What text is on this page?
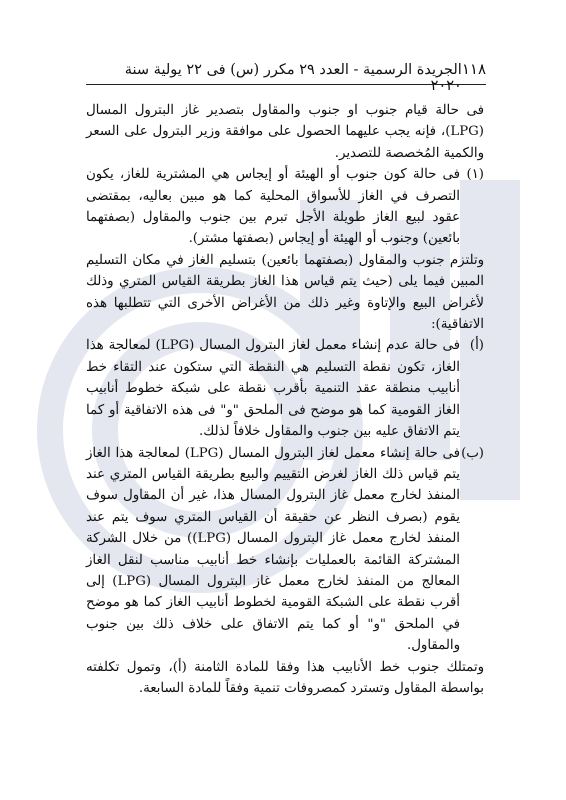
١١٨
الجريدة الرسمية - العدد ٢٩ مكرر (س) فى ٢٢ يولية سنة ٢٠٢٠

فى حالة قيام جنوب او جنوب والمقاول بتصدير غاز البترول المسال (LPG)، فإنه يجب عليهما الحصول على موافقة وزير البترول على السعر والكمية المُخصصة للتصدير.

(١)

فى حالة كون جنوب أو الهيئة أو إيجاس هي المشترية للغاز، يكون التصرف في الغاز للأسواق المحلية كما هو مبين بعاليه، بمقتضى عقود لبيع الغاز طويلة الأجل تبرم بين جنوب والمقاول (بصفتهما بائعين) وجنوب أو الهيئة أو إيجاس (بصفتها مشتر).

وتلتزم جنوب والمقاول (بصفتهما بائعين) بتسليم الغاز في مكان التسليم المبين فيما يلى (حيث يتم قياس هذا الغاز بطريقة القياس المتري وذلك لأغراض البيع والإتاوة وغير ذلك من الأغراض الأخرى التي تتطلبها هذه الاتفاقية):

(أ)

فى حالة عدم إنشاء معمل لغاز البترول المسال (LPG) لمعالجة هذا الغاز، تكون نقطة التسليم هي النقطة التي ستكون عند التقاء خط أنابيب منطقة عقد التنمية بأقرب نقطة على شبكة خطوط أنابيب الغاز القومية كما هو موضح فى الملحق "و" فى هذه الاتفاقية أو كما يتم الاتفاق عليه بين جنوب والمقاول خلافاً لذلك.

(ب)

فى حالة إنشاء معمل لغاز البترول المسال (LPG) لمعالجة هذا الغاز يتم قياس ذلك الغاز لغرض التقييم والبيع بطريقة القياس المتري عند المنفذ لخارج معمل غاز البترول المسال هذا، غير أن المقاول سوف يقوم (بصرف النظر عن حقيقة أن القياس المتري سوف يتم عند المنفذ لخارج معمل غاز البترول المسال (LPG)) من خلال الشركة المشتركة القائمة بالعمليات بإنشاء خط أنابيب مناسب لنقل الغاز المعالج من المنفذ لخارج معمل غاز البترول المسال (LPG) إلى أقرب نقطة على الشبكة القومية لخطوط أنابيب الغاز كما هو موضح في الملحق "و" أو كما يتم الاتفاق على خلاف ذلك بين جنوب والمقاول.

وتمتلك جنوب خط الأنابيب هذا وفقا للمادة الثامنة (أ)، وتمول تكلفته بواسطة المقاول وتسترد كمصروفات تنمية وفقاً للمادة السابعة.
